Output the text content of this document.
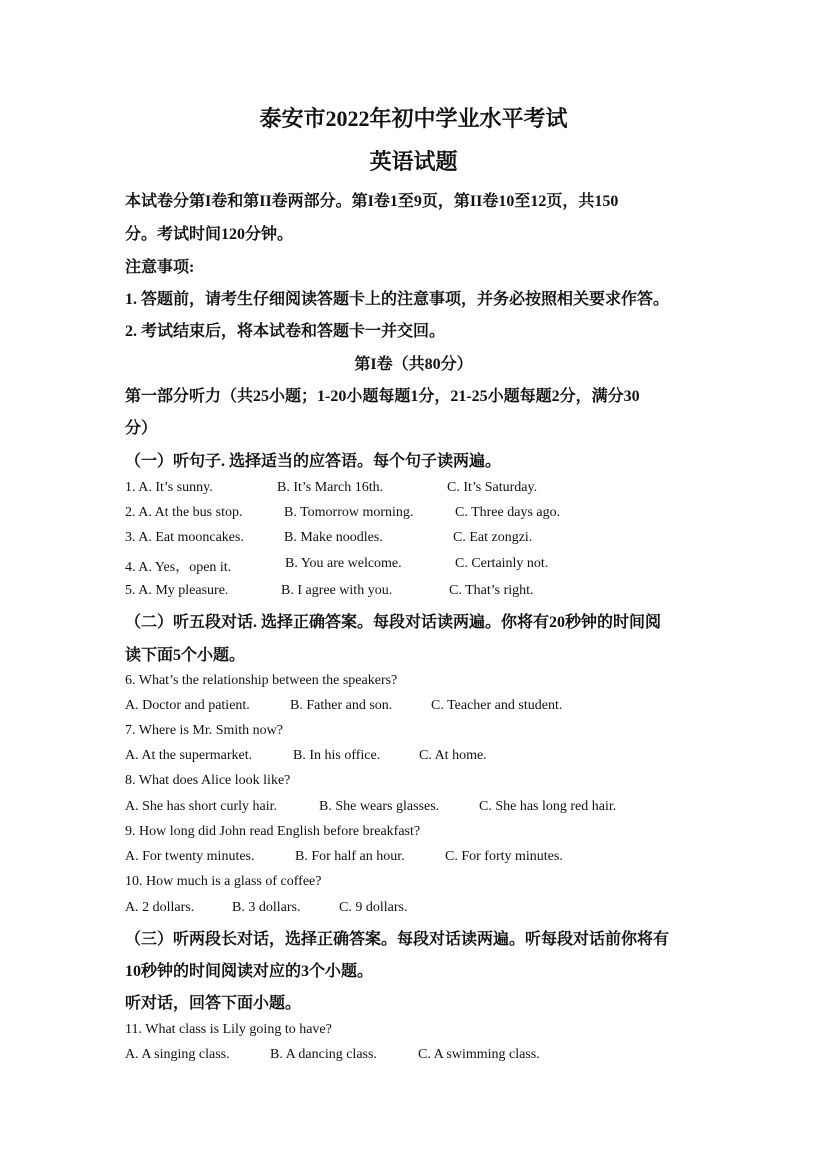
泰安市2022年初中学业水平考试
英语试题
本试卷分第I卷和第II卷两部分。第I卷1至9页，第II卷10至12页，共150
分。考试时间120分钟。
注意事项:
1. 答题前，请考生仔细阅读答题卡上的注意事项，并务必按照相关要求作答。
2. 考试结束后，将本试卷和答题卡一并交回。
第I卷（共80分）
第一部分听力（共25小题；1-20小题每题1分，21-25小题每题2分，满分30
分）
（一）听句子. 选择适当的应答语。每个句子读两遍。
1. A. It’s sunny.	B. It’s March 16th.	C. It’s Saturday.
2. A. At the bus stop.	B. Tomorrow morning.	C. Three days ago.
3. A. Eat mooncakes.	B. Make noodles.	C. Eat zongzi.
4. A. Yes，open it.	B. You are welcome.	C. Certainly not.
5. A. My pleasure.	B. I agree with you.	C. That’s right.
（二）听五段对话. 选择正确答案。每段对话读两遍。你将有20秒钟的时间阅
读下面5个小题。
6. What’s the relationship between the speakers?
A. Doctor and patient.	B. Father and son.	C. Teacher and student.
7. Where is Mr. Smith now?
A. At the supermarket.	B. In his office.	C. At home.
8. What does Alice look like?
A. She has short curly hair.	B. She wears glasses.	C. She has long red hair.
9. How long did John read English before breakfast?
A. For twenty minutes.	B. For half an hour.	C. For forty minutes.
10. How much is a glass of coffee?
A. 2 dollars.	B. 3 dollars.	C. 9 dollars.
（三）听两段长对话，选择正确答案。每段对话读两遍。听每段对话前你将有
10秒钟的时间阅读对应的3个小题。
听对话，回答下面小题。
11. What class is Lily going to have?
A. A singing class.	B. A dancing class.	C. A swimming class.
